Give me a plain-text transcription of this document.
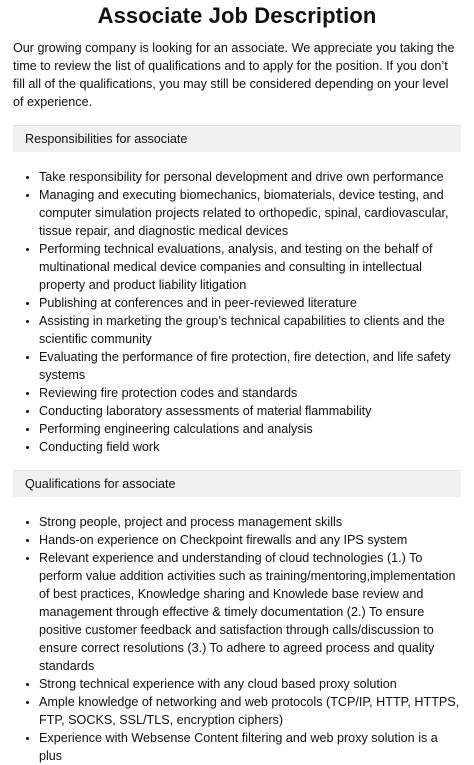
Associate Job Description

Our growing company is looking for an associate. We appreciate you taking the time to review the list of qualifications and to apply for the position. If you don’t fill all of the qualifications, you may still be considered depending on your level of experience.

Responsibilities for associate
• Take responsibility for personal development and drive own performance
• Managing and executing biomechanics, biomaterials, device testing, and computer simulation projects related to orthopedic, spinal, cardiovascular, tissue repair, and diagnostic medical devices
• Performing technical evaluations, analysis, and testing on the behalf of multinational medical device companies and consulting in intellectual property and product liability litigation
• Publishing at conferences and in peer-reviewed literature
• Assisting in marketing the group’s technical capabilities to clients and the scientific community
• Evaluating the performance of fire protection, fire detection, and life safety systems
• Reviewing fire protection codes and standards
• Conducting laboratory assessments of material flammability
• Performing engineering calculations and analysis
• Conducting field work
Qualifications for associate
• Strong people, project and process management skills
• Hands-on experience on Checkpoint firewalls and any IPS system
• Relevant experience and understanding of cloud technologies (1.) To perform value addition activities such as training/mentoring,implementation of best practices, Knowledge sharing and Knowlede base review and management through effective & timely documentation (2.) To ensure positive customer feedback and satisfaction through calls/discussion to ensure correct resolutions (3.) To adhere to agreed process and quality standards
• Strong technical experience with any cloud based proxy solution
• Ample knowledge of networking and web protocols (TCP/IP, HTTP, HTTPS, FTP, SOCKS, SSL/TLS, encryption ciphers)
• Experience with Websense Content filtering and web proxy solution is a plus
